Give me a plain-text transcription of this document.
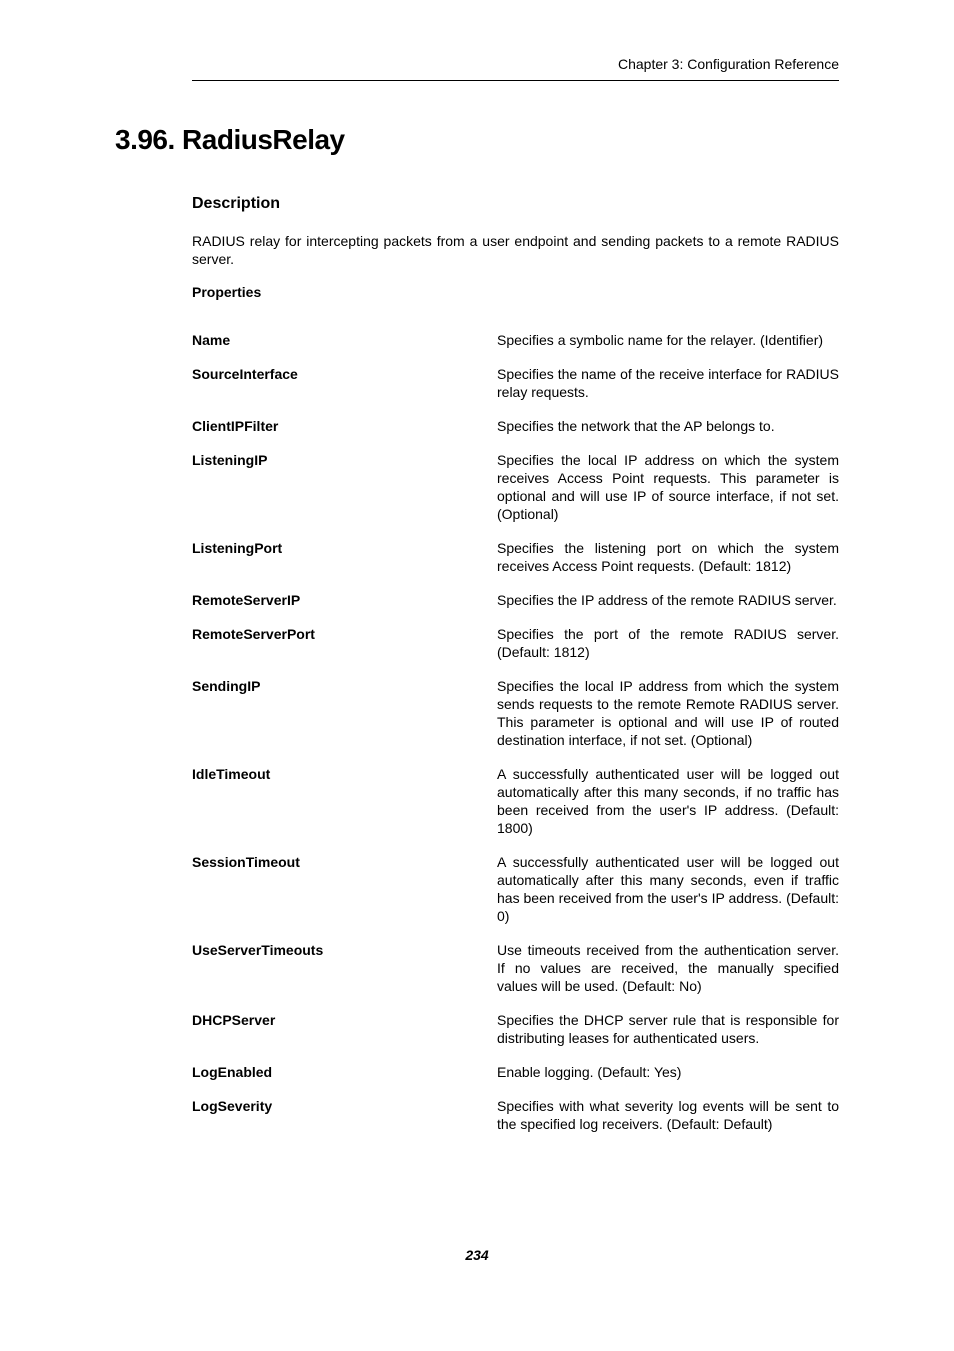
Chapter 3: Configuration Reference
3.96. RadiusRelay
Description

RADIUS relay for intercepting packets from a user endpoint and sending packets to a remote RADIUS server.

Properties
Name	Specifies a symbolic name for the relayer. (Identifier)
SourceInterface	Specifies the name of the receive interface for RADIUS relay requests.
ClientIPFilter	Specifies the network that the AP belongs to.
ListeningIP	Specifies the local IP address on which the system receives Access Point requests. This parameter is optional and will use IP of source interface, if not set. (Optional)
ListeningPort	Specifies the listening port on which the system receives Access Point requests. (Default: 1812)
RemoteServerIP	Specifies the IP address of the remote RADIUS server.
RemoteServerPort	Specifies the port of the remote RADIUS server. (Default: 1812)
SendingIP	Specifies the local IP address from which the system sends requests to the remote Remote RADIUS server. This parameter is optional and will use IP of routed destination interface, if not set. (Optional)
IdleTimeout	A successfully authenticated user will be logged out automatically after this many seconds, if no traffic has been received from the user's IP address. (Default: 1800)
SessionTimeout	A successfully authenticated user will be logged out automatically after this many seconds, even if traffic has been received from the user's IP address. (Default: 0)
UseServerTimeouts	Use timeouts received from the authentication server. If no values are received, the manually specified values will be used. (Default: No)
DHCPServer	Specifies the DHCP server rule that is responsible for distributing leases for authenticated users.
LogEnabled	Enable logging. (Default: Yes)
LogSeverity	Specifies with what severity log events will be sent to the specified log receivers. (Default: Default)
234
